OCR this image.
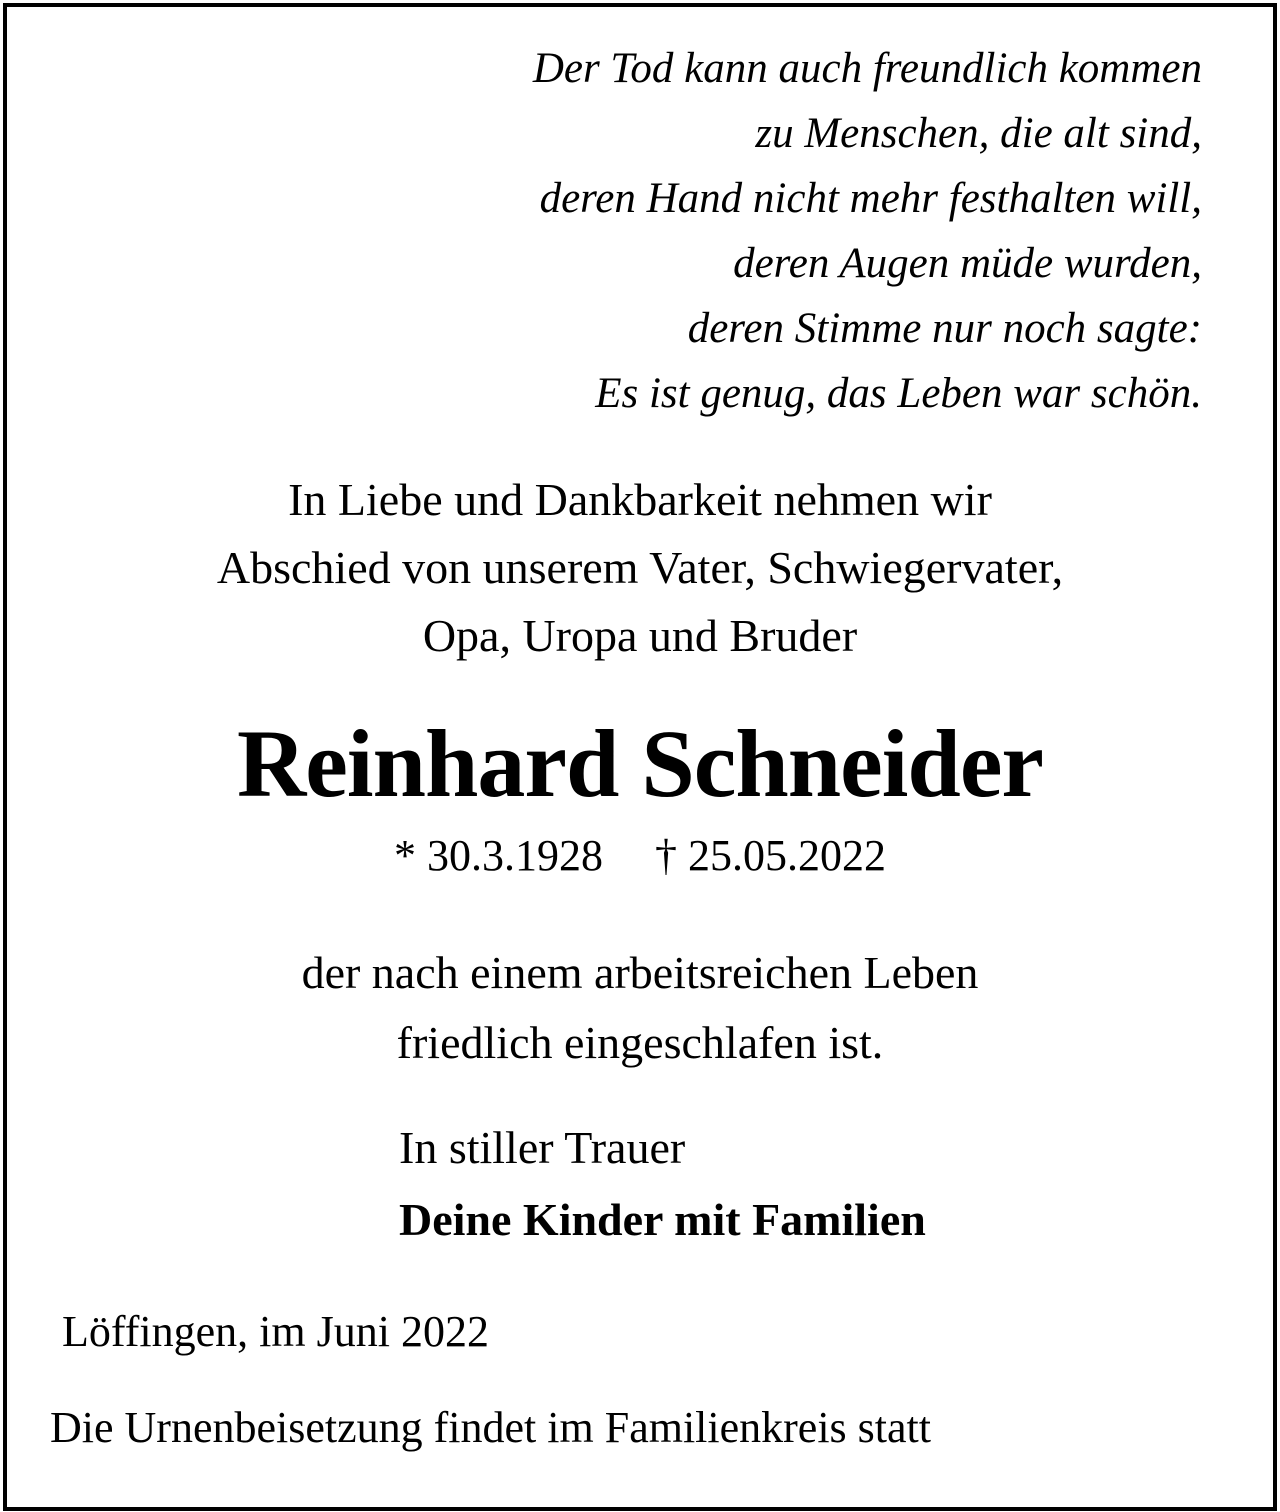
Der Tod kann auch freundlich kommen
zu Menschen, die alt sind,
deren Hand nicht mehr festhalten will,
deren Augen müde wurden,
deren Stimme nur noch sagte:
Es ist genug, das Leben war schön.
In Liebe und Dankbarkeit nehmen wir
Abschied von unserem Vater, Schwiegervater,
Opa, Uropa und Bruder
Reinhard Schneider
* 30.3.1928 † 25.05.2022
der nach einem arbeitsreichen Leben
friedlich eingeschlafen ist.
In stiller Trauer
Deine Kinder mit Familien
Löffingen, im Juni 2022
Die Urnenbeisetzung findet im Familienkreis statt
